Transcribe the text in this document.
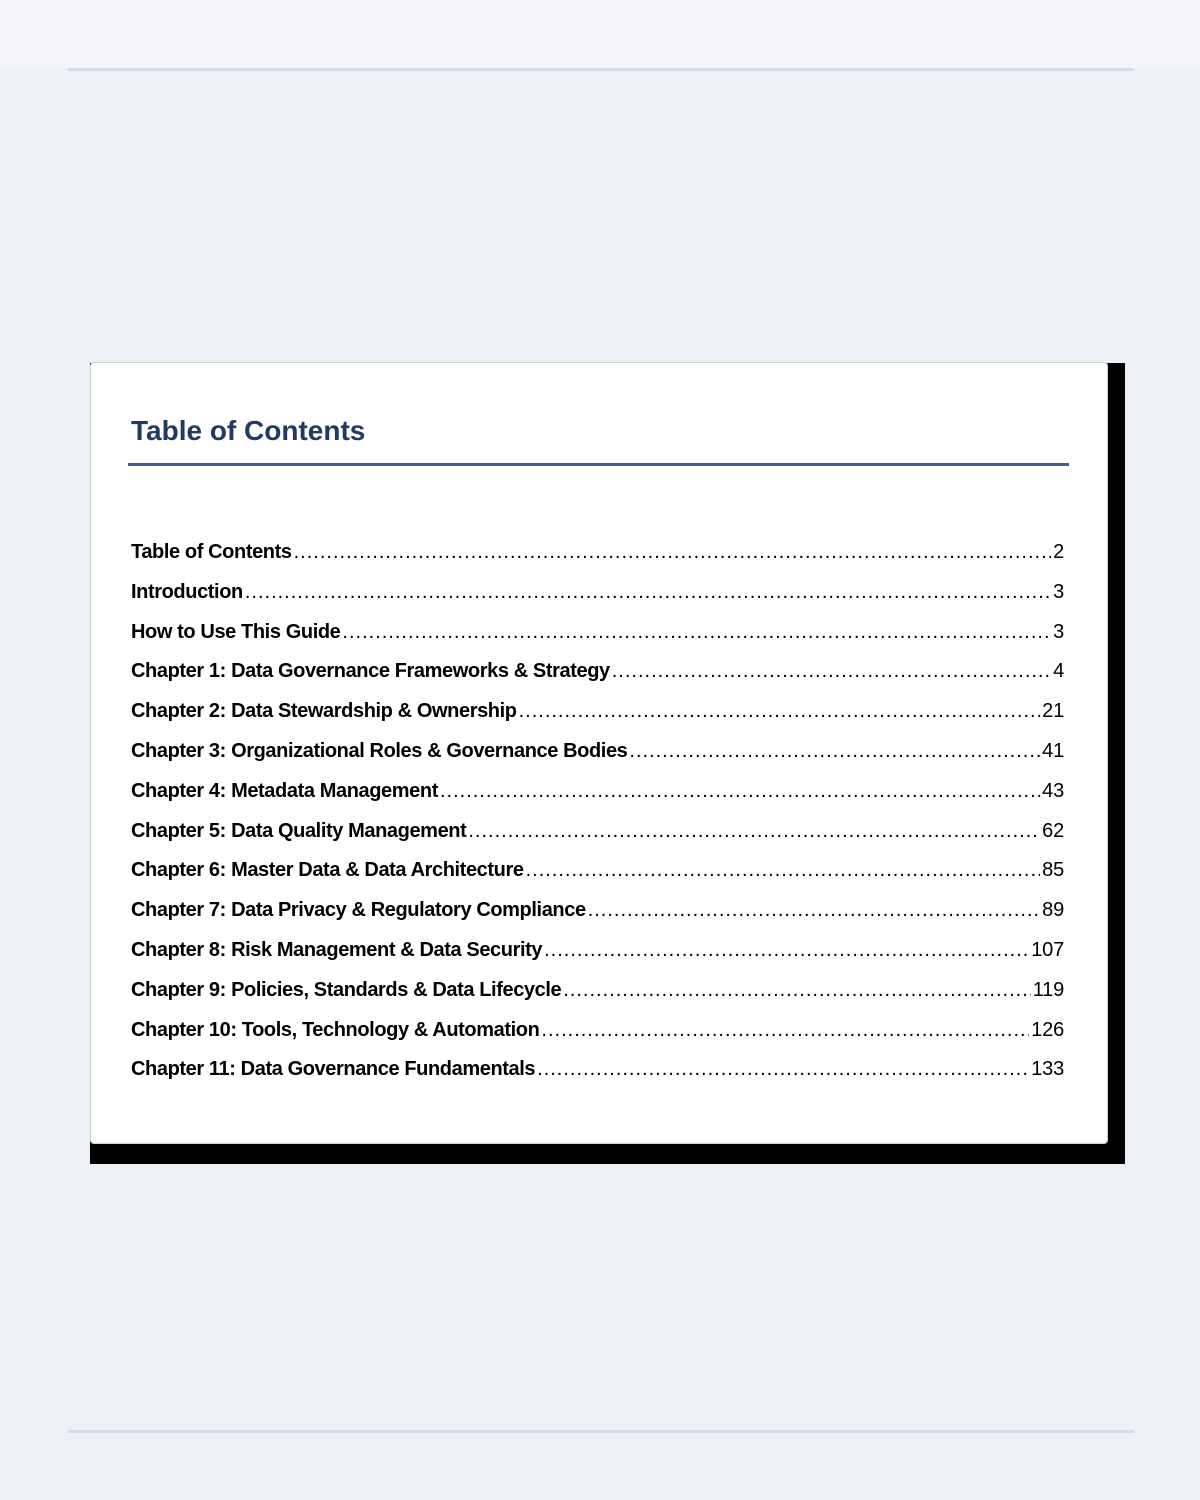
Table of Contents
Table of Contents .....	2
Introduction .....	3
How to Use This Guide .....	3
Chapter 1: Data Governance Frameworks & Strategy .....	4
Chapter 2: Data Stewardship & Ownership .....	21
Chapter 3: Organizational Roles & Governance Bodies .....	41
Chapter 4: Metadata Management .....	43
Chapter 5: Data Quality Management .....	62
Chapter 6: Master Data & Data Architecture .....	85
Chapter 7: Data Privacy & Regulatory Compliance .....	89
Chapter 8: Risk Management & Data Security .....	107
Chapter 9: Policies, Standards & Data Lifecycle .....	119
Chapter 10: Tools, Technology & Automation .....	126
Chapter 11: Data Governance Fundamentals .....	133
